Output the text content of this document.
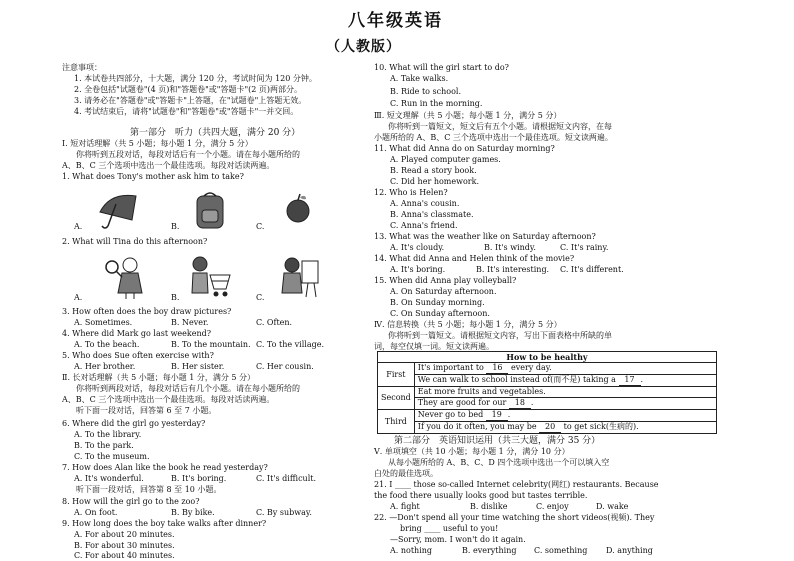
八年级英语
（人教版）
注意事项：
1. 本试卷共四部分，十大题，满分 120 分，考试时间为 120 分钟。
2. 全卷包括"试题卷"(4 页)和"答题卷"或"答题卡"(2 页)两部分。
3. 请务必在"答题卷"或"答题卡"上答题，在"试题卷"上答题无效。
4. 考试结束后，请将"试题卷"和"答题卷"或"答题卡"一并交回。
第一部分　听力（共四大题，满分 20 分）
Ⅰ. 短对话理解（共 5 小题；每小题 1 分，满分 5 分）
你将听到五段对话，每段对话后有一个小题。请在每小题所给的
A、B、C 三个选项中选出一个最佳选项。每段对话读两遍。
1. What does Tony's mother ask him to take?
A.	B.	C.
2. What will Tina do this afternoon?
A.	B.	C.
3. How often does the boy draw pictures?
A. Sometimes.	B. Never.	C. Often.
4. Where did Mark go last weekend?
A. To the beach.	B. To the mountain. C. To the village.
5. Who does Sue often exercise with?
A. Her brother.	B. Her sister.	C. Her cousin.
Ⅱ. 长对话理解（共 5 小题；每小题 1 分，满分 5 分）
你将听到两段对话，每段对话后有几个小题。请在每小题所给的
A、B、C 三个选项中选出一个最佳选项。每段对话读两遍。
听下面一段对话，回答第 6 至 7 小题。
6. Where did the girl go yesterday?
A. To the library.
B. To the park.
C. To the museum.
7. How does Alan like the book he read yesterday?
A. It's wonderful.	B. It's boring.	C. It's difficult.
听下面一段对话，回答第 8 至 10 小题。
8. How will the girl go to the zoo?
A. On foot.	B. By bike.	C. By subway.
9. How long does the boy take walks after dinner?
A. For about 20 minutes.
B. For about 30 minutes.
C. For about 40 minutes.
10. What will the girl start to do?
A. Take walks.
B. Ride to school.
C. Run in the morning.
Ⅲ. 短文理解（共 5 小题；每小题 1 分，满分 5 分）
你将听到一篇短文，短文后有五个小题。请根据短文内容，在每
小题所给的 A、B、C 三个选项中选出一个最佳选项。短文读两遍。
11. What did Anna do on Saturday morning?
A. Played computer games.
B. Read a story book.
C. Did her homework.
12. Who is Helen?
A. Anna's cousin.
B. Anna's classmate.
C. Anna's friend.
13. What was the weather like on Saturday afternoon?
A. It's cloudy.	B. It's windy.	C. It's rainy.
14. What did Anna and Helen think of the movie?
A. It's boring.	B. It's interesting. C. It's different.
15. When did Anna play volleyball?
A. On Saturday afternoon.
B. On Sunday morning.
C. On Sunday afternoon.
Ⅳ. 信息转换（共 5 小题；每小题 1 分，满分 5 分）
你将听到一篇短文。请根据短文内容，写出下面表格中所缺的单
词，每空仅填一词。短文读两遍。
How to be healthy	
First	It's important to 16 every day.
	We can walk to school instead of(而不是) taking a 17 .
Second	Eat more fruits and vegetables.
	They are good for our 18 .
Third	Never go to bed 19 .
	If you do it often, you may be 20 to get sick(生病的).
第二部分　英语知识运用（共三大题，满分 35 分）
Ⅴ. 单项填空（共 10 小题；每小题 1 分，满分 10 分）
从每小题所给的 A、B、C、D 四个选项中选出一个可以填入空
白处的最佳选项。
21. I ____ those so-called Internet celebrity(网红) restaurants. Because
the food there usually looks good but tastes terrible.
A. fight	B. dislike	C. enjoy	D. wake
22. —Don't spend all your time watching the short videos(视频). They
bring ____ useful to you!
—Sorry, mom. I won't do it again.
A. nothing	B. everything C. something D. anything
